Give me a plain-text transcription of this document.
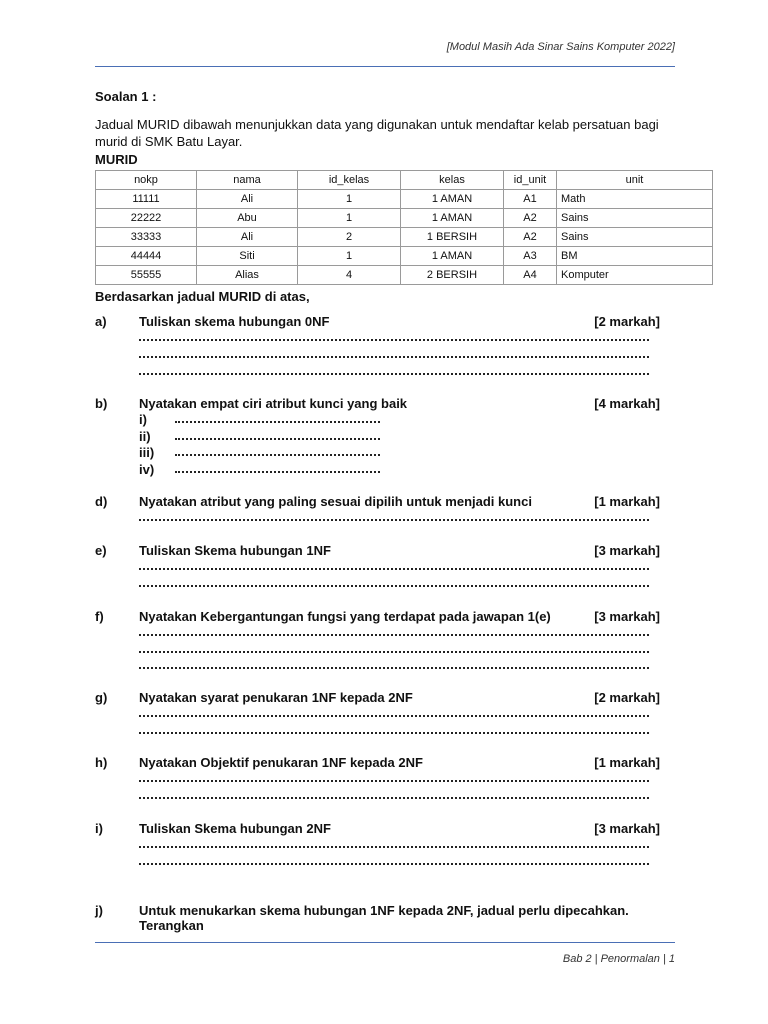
[Modul Masih Ada Sinar Sains Komputer 2022]
Soalan 1 :
Jadual MURID dibawah menunjukkan data yang digunakan untuk mendaftar kelab persatuan bagi
murid di SMK Batu Layar.
MURID
nokp	nama	id_kelas	kelas	id_unit	unit
11111	Ali	1	1 AMAN	A1	Math
22222	Abu	1	1 AMAN	A2	Sains
33333	Ali	2	1 BERSIH	A2	Sains
44444	Siti	1	1 AMAN	A3	BM
55555	Alias	4	2 BERSIH	A4	Komputer
Berdasarkan jadual MURID di atas,
a) Tuliskan skema hubungan 0NF	[2 markah]
b) Nyatakan empat ciri atribut kunci yang baik	[4 markah]
i)
ii)
iii)
iv)
d) Nyatakan atribut yang paling sesuai dipilih untuk menjadi kunci	[1 markah]
e) Tuliskan Skema hubungan 1NF	[3 markah]
f)	Nyatakan Kebergantungan fungsi yang terdapat pada jawapan 1(e)	[3 markah]
g) Nyatakan syarat penukaran 1NF kepada 2NF	[2 markah]
h) Nyatakan Objektif penukaran 1NF kepada 2NF	[1 markah]
i)	Tuliskan Skema hubungan 2NF	[3 markah]
j)	Untuk menukarkan skema hubungan 1NF kepada 2NF, jadual perlu dipecahkan. Terangkan
Bab 2 | Penormalan | 1
